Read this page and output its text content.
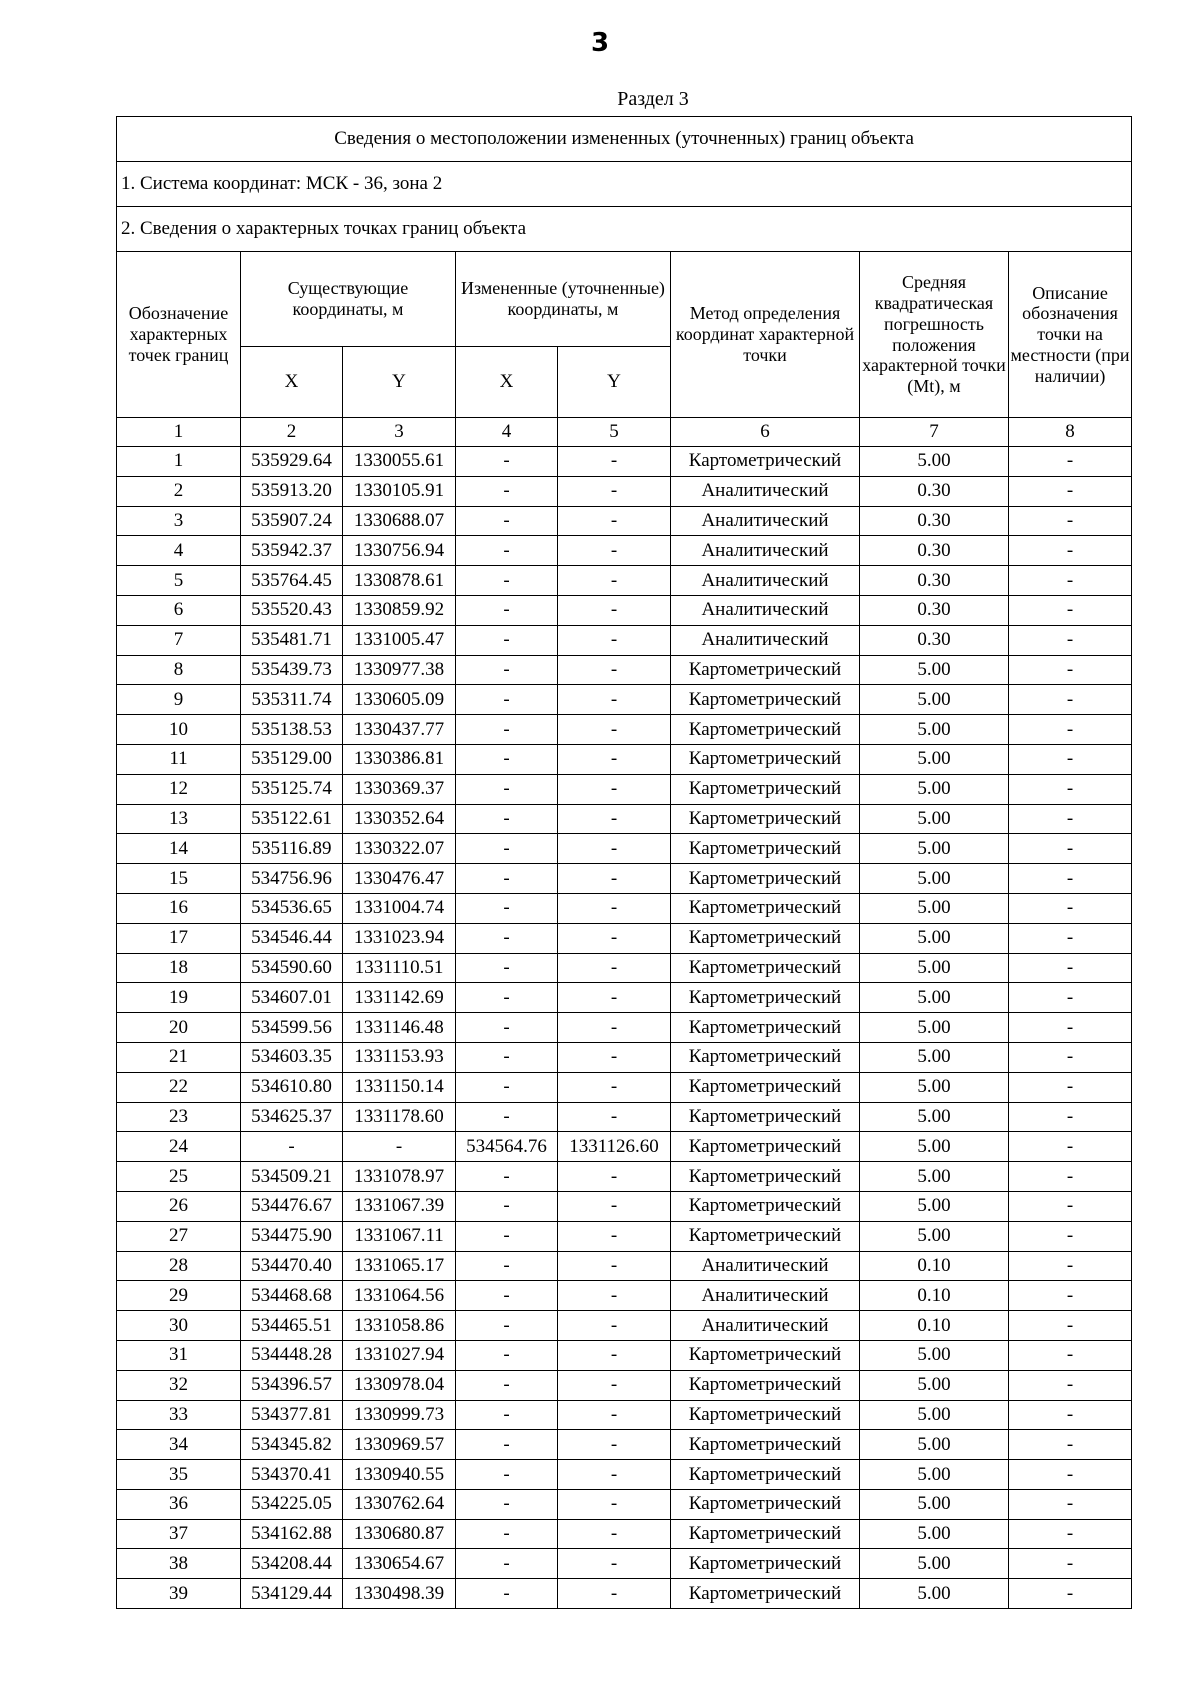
3
Раздел 3
Сведения о местоположении измененных (уточненных) границ объекта							
1. Система координат: МСК - 36, зона 2							
2. Сведения о характерных точках границ объекта							
Обозначение характерных точек границ	Существующие координаты, м		Измененные (уточненные) координаты, м		Метод определения координат характерной точки	Средняя квадратическая погрешность положения характерной точки (Mt), м	Описание обозначения точки на местности (при наличии)
	X	Y	X	Y			
1	2	3	4	5	6	7	8
1	535929.64	1330055.61	-	-	Картометрический	5.00	-
2	535913.20	1330105.91	-	-	Аналитический	0.30	-
3	535907.24	1330688.07	-	-	Аналитический	0.30	-
4	535942.37	1330756.94	-	-	Аналитический	0.30	-
5	535764.45	1330878.61	-	-	Аналитический	0.30	-
6	535520.43	1330859.92	-	-	Аналитический	0.30	-
7	535481.71	1331005.47	-	-	Аналитический	0.30	-
8	535439.73	1330977.38	-	-	Картометрический	5.00	-
9	535311.74	1330605.09	-	-	Картометрический	5.00	-
10	535138.53	1330437.77	-	-	Картометрический	5.00	-
11	535129.00	1330386.81	-	-	Картометрический	5.00	-
12	535125.74	1330369.37	-	-	Картометрический	5.00	-
13	535122.61	1330352.64	-	-	Картометрический	5.00	-
14	535116.89	1330322.07	-	-	Картометрический	5.00	-
15	534756.96	1330476.47	-	-	Картометрический	5.00	-
16	534536.65	1331004.74	-	-	Картометрический	5.00	-
17	534546.44	1331023.94	-	-	Картометрический	5.00	-
18	534590.60	1331110.51	-	-	Картометрический	5.00	-
19	534607.01	1331142.69	-	-	Картометрический	5.00	-
20	534599.56	1331146.48	-	-	Картометрический	5.00	-
21	534603.35	1331153.93	-	-	Картометрический	5.00	-
22	534610.80	1331150.14	-	-	Картометрический	5.00	-
23	534625.37	1331178.60	-	-	Картометрический	5.00	-
24	-	-	534564.76	1331126.60	Картометрический	5.00	-
25	534509.21	1331078.97	-	-	Картометрический	5.00	-
26	534476.67	1331067.39	-	-	Картометрический	5.00	-
27	534475.90	1331067.11	-	-	Картометрический	5.00	-
28	534470.40	1331065.17	-	-	Аналитический	0.10	-
29	534468.68	1331064.56	-	-	Аналитический	0.10	-
30	534465.51	1331058.86	-	-	Аналитический	0.10	-
31	534448.28	1331027.94	-	-	Картометрический	5.00	-
32	534396.57	1330978.04	-	-	Картометрический	5.00	-
33	534377.81	1330999.73	-	-	Картометрический	5.00	-
34	534345.82	1330969.57	-	-	Картометрический	5.00	-
35	534370.41	1330940.55	-	-	Картометрический	5.00	-
36	534225.05	1330762.64	-	-	Картометрический	5.00	-
37	534162.88	1330680.87	-	-	Картометрический	5.00	-
38	534208.44	1330654.67	-	-	Картометрический	5.00	-
39	534129.44	1330498.39	-	-	Картометрический	5.00	-
